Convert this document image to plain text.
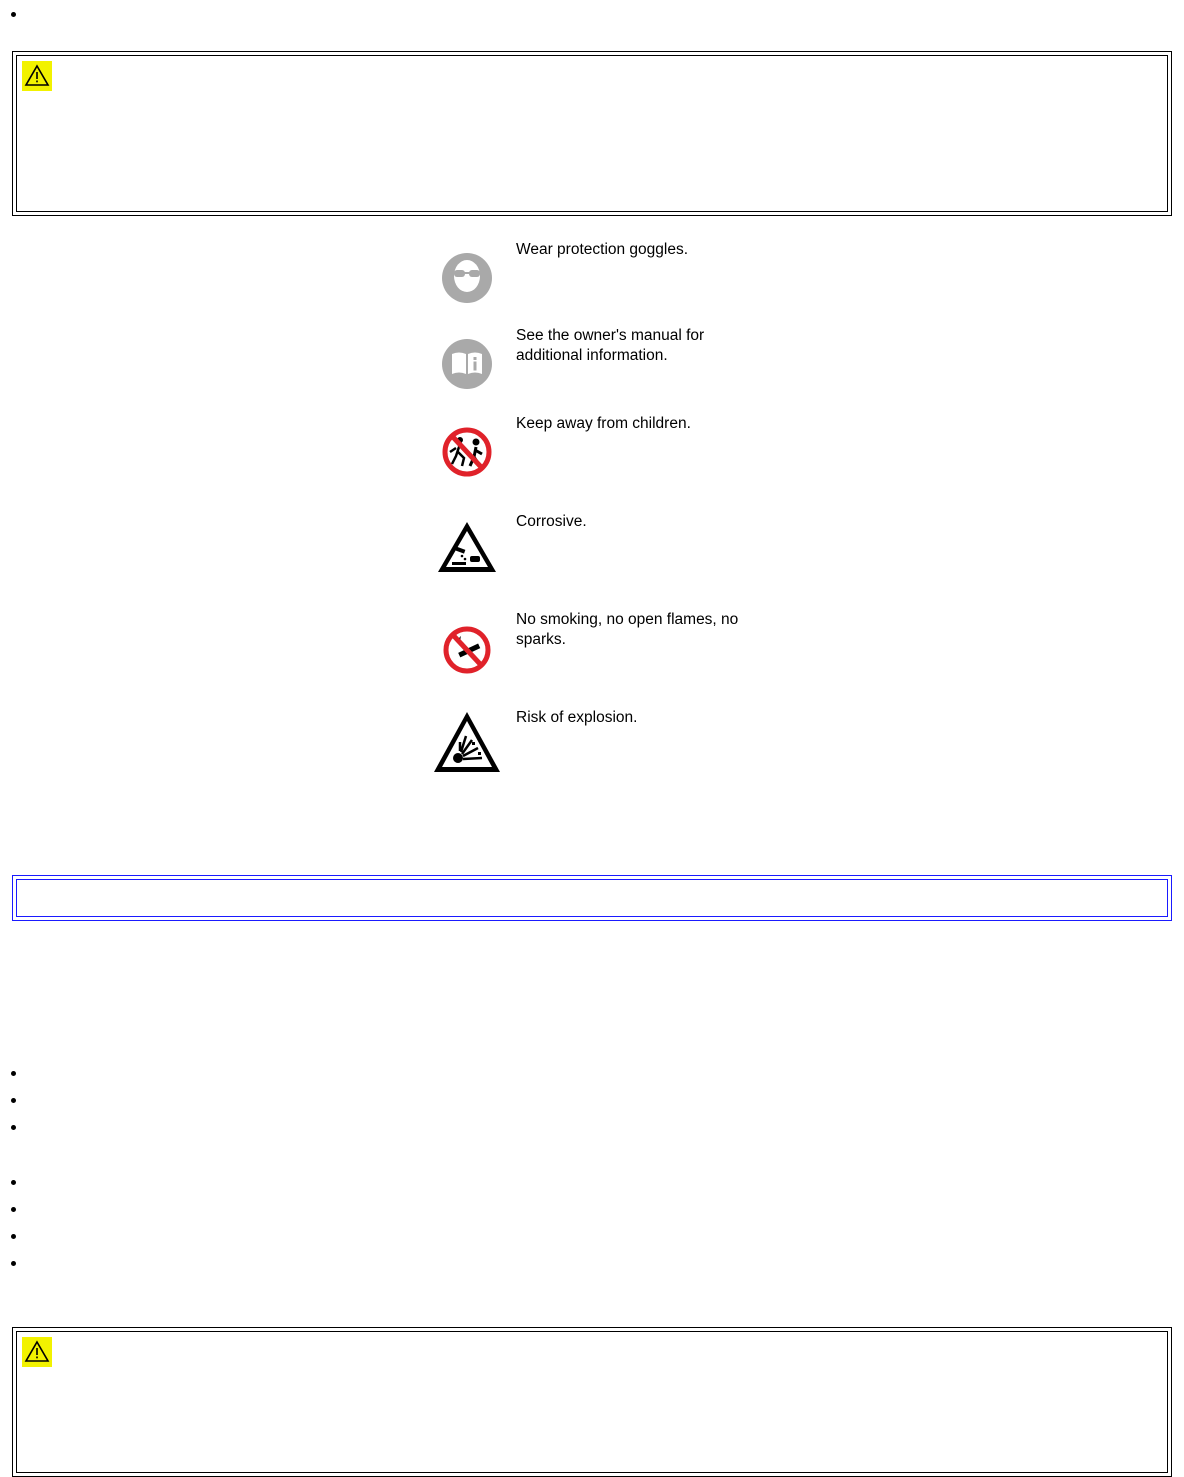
Wear protection goggles.
See the owner's manual for additional information.
Keep away from children.
Corrosive.
No smoking, no open flames, no sparks.
Risk of explosion.
